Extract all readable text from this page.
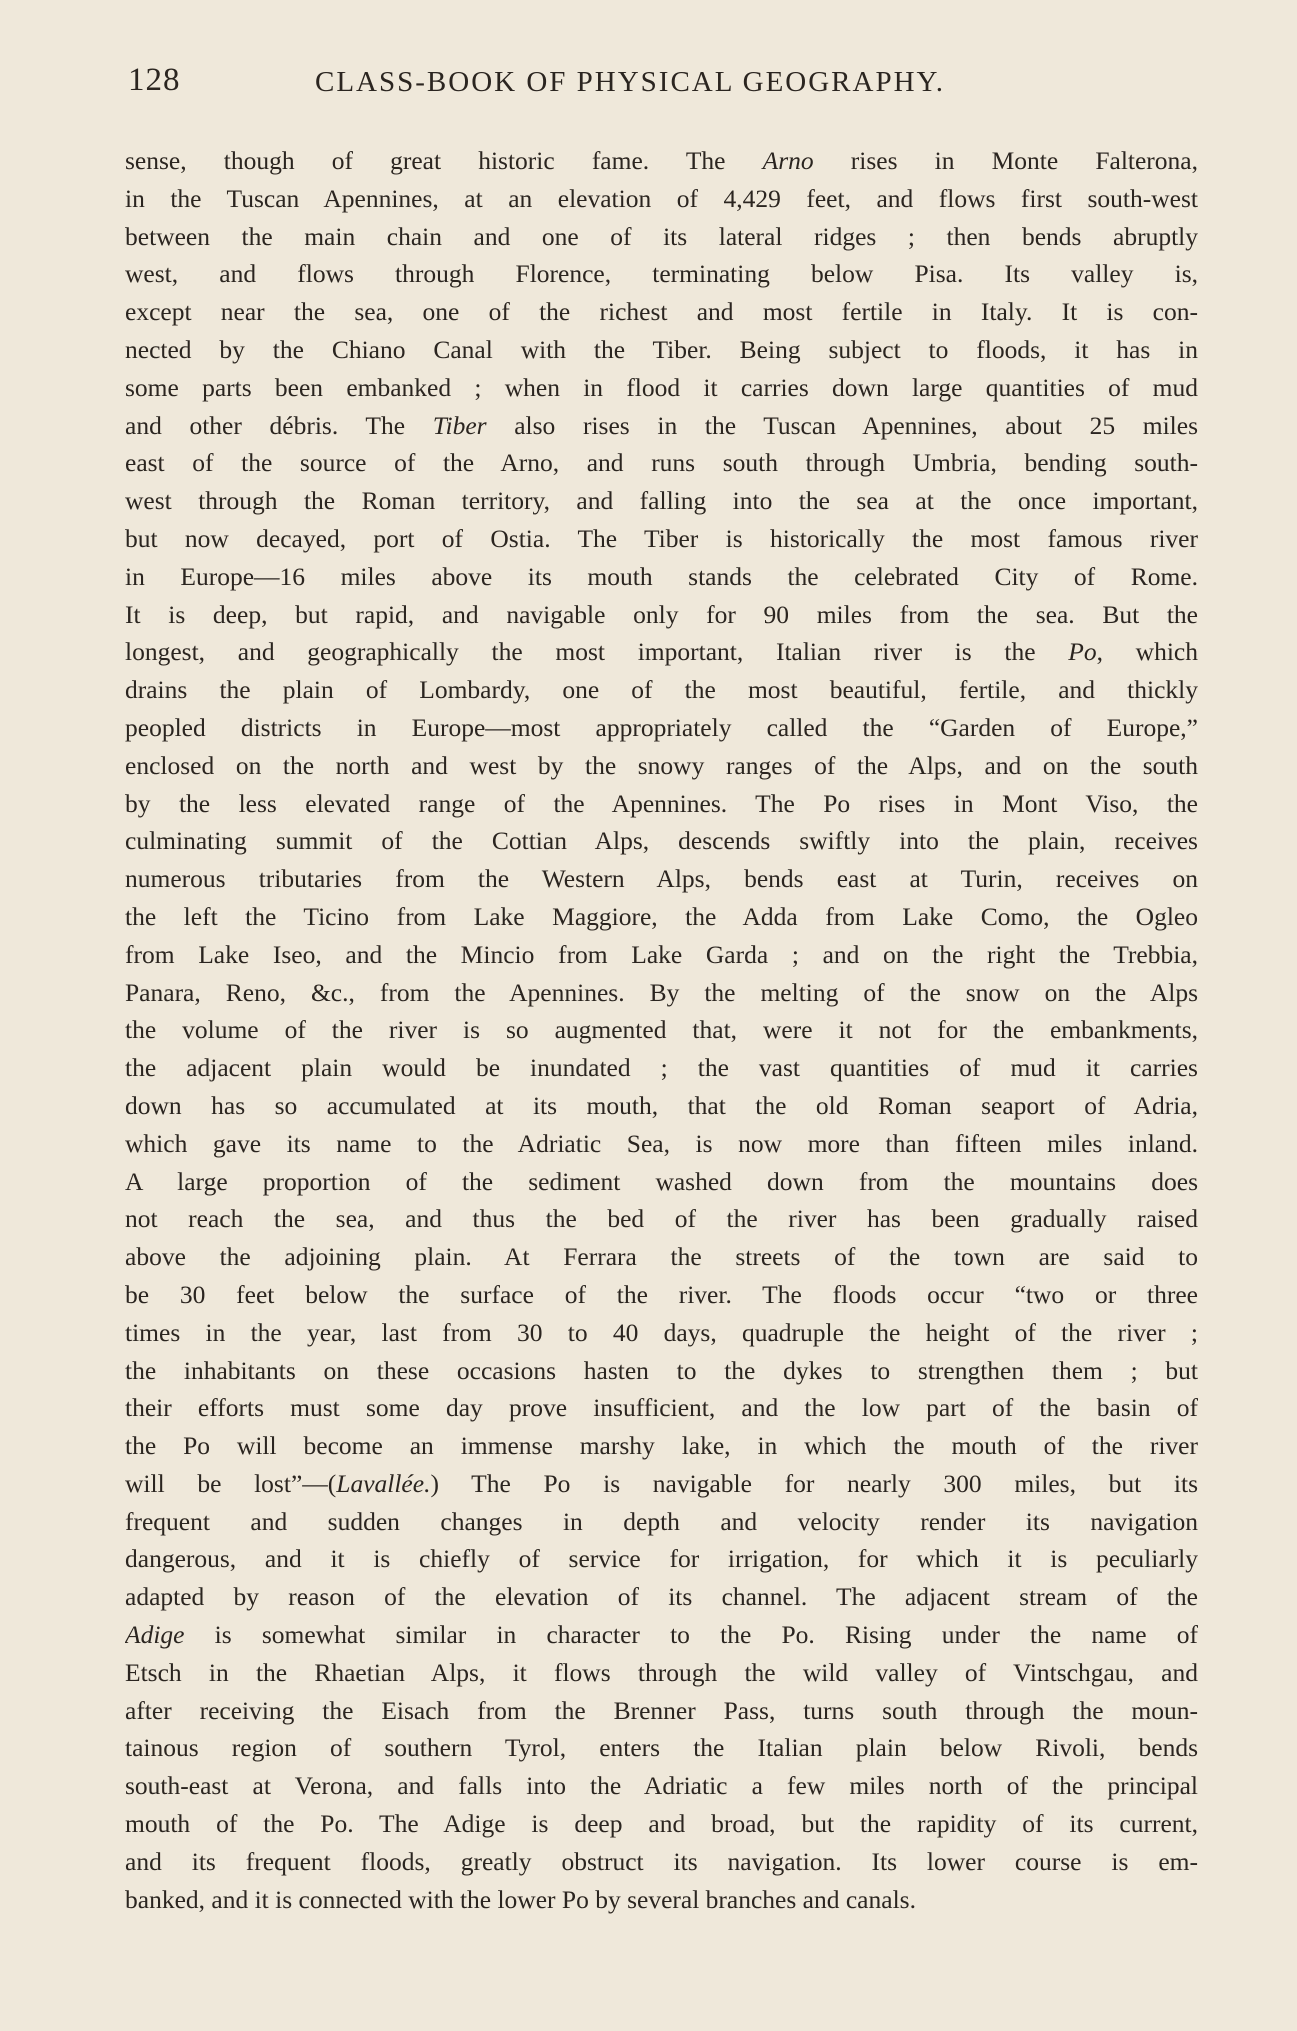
128	CLASS-BOOK OF PHYSICAL GEOGRAPHY.
sense, though of great historic fame. The Arno rises in Monte Falterona,
in the Tuscan Apennines, at an elevation of 4,429 feet, and flows first south-west
between the main chain and one of its lateral ridges ; then bends abruptly
west, and flows through Florence, terminating below Pisa. Its valley is,
except near the sea, one of the richest and most fertile in Italy. It is con-
nected by the Chiano Canal with the Tiber. Being subject to floods, it has in
some parts been embanked ; when in flood it carries down large quantities of mud
and other débris. The Tiber also rises in the Tuscan Apennines, about 25 miles
east of the source of the Arno, and runs south through Umbria, bending south-
west through the Roman territory, and falling into the sea at the once important,
but now decayed, port of Ostia. The Tiber is historically the most famous river
in Europe—16 miles above its mouth stands the celebrated City of Rome.
It is deep, but rapid, and navigable only for 90 miles from the sea. But the
longest, and geographically the most important, Italian river is the Po, which
drains the plain of Lombardy, one of the most beautiful, fertile, and thickly
peopled districts in Europe—most appropriately called the “Garden of Europe,”
enclosed on the north and west by the snowy ranges of the Alps, and on the south
by the less elevated range of the Apennines. The Po rises in Mont Viso, the
culminating summit of the Cottian Alps, descends swiftly into the plain, receives
numerous tributaries from the Western Alps, bends east at Turin, receives on
the left the Ticino from Lake Maggiore, the Adda from Lake Como, the Ogleo
from Lake Iseo, and the Mincio from Lake Garda ; and on the right the Trebbia,
Panara, Reno, &c., from the Apennines. By the melting of the snow on the Alps
the volume of the river is so augmented that, were it not for the embankments,
the adjacent plain would be inundated ; the vast quantities of mud it carries
down has so accumulated at its mouth, that the old Roman seaport of Adria,
which gave its name to the Adriatic Sea, is now more than fifteen miles inland.
A large proportion of the sediment washed down from the mountains does
not reach the sea, and thus the bed of the river has been gradually raised
above the adjoining plain. At Ferrara the streets of the town are said to
be 30 feet below the surface of the river. The floods occur “two or three
times in the year, last from 30 to 40 days, quadruple the height of the river ;
the inhabitants on these occasions hasten to the dykes to strengthen them ; but
their efforts must some day prove insufficient, and the low part of the basin of
the Po will become an immense marshy lake, in which the mouth of the river
will be lost”—(Lavallée.) The Po is navigable for nearly 300 miles, but its
frequent and sudden changes in depth and velocity render its navigation
dangerous, and it is chiefly of service for irrigation, for which it is peculiarly
adapted by reason of the elevation of its channel. The adjacent stream of the
Adige is somewhat similar in character to the Po. Rising under the name of
Etsch in the Rhaetian Alps, it flows through the wild valley of Vintschgau, and
after receiving the Eisach from the Brenner Pass, turns south through the moun-
tainous region of southern Tyrol, enters the Italian plain below Rivoli, bends
south-east at Verona, and falls into the Adriatic a few miles north of the principal
mouth of the Po. The Adige is deep and broad, but the rapidity of its current,
and its frequent floods, greatly obstruct its navigation. Its lower course is em-
banked, and it is connected with the lower Po by several branches and canals.
